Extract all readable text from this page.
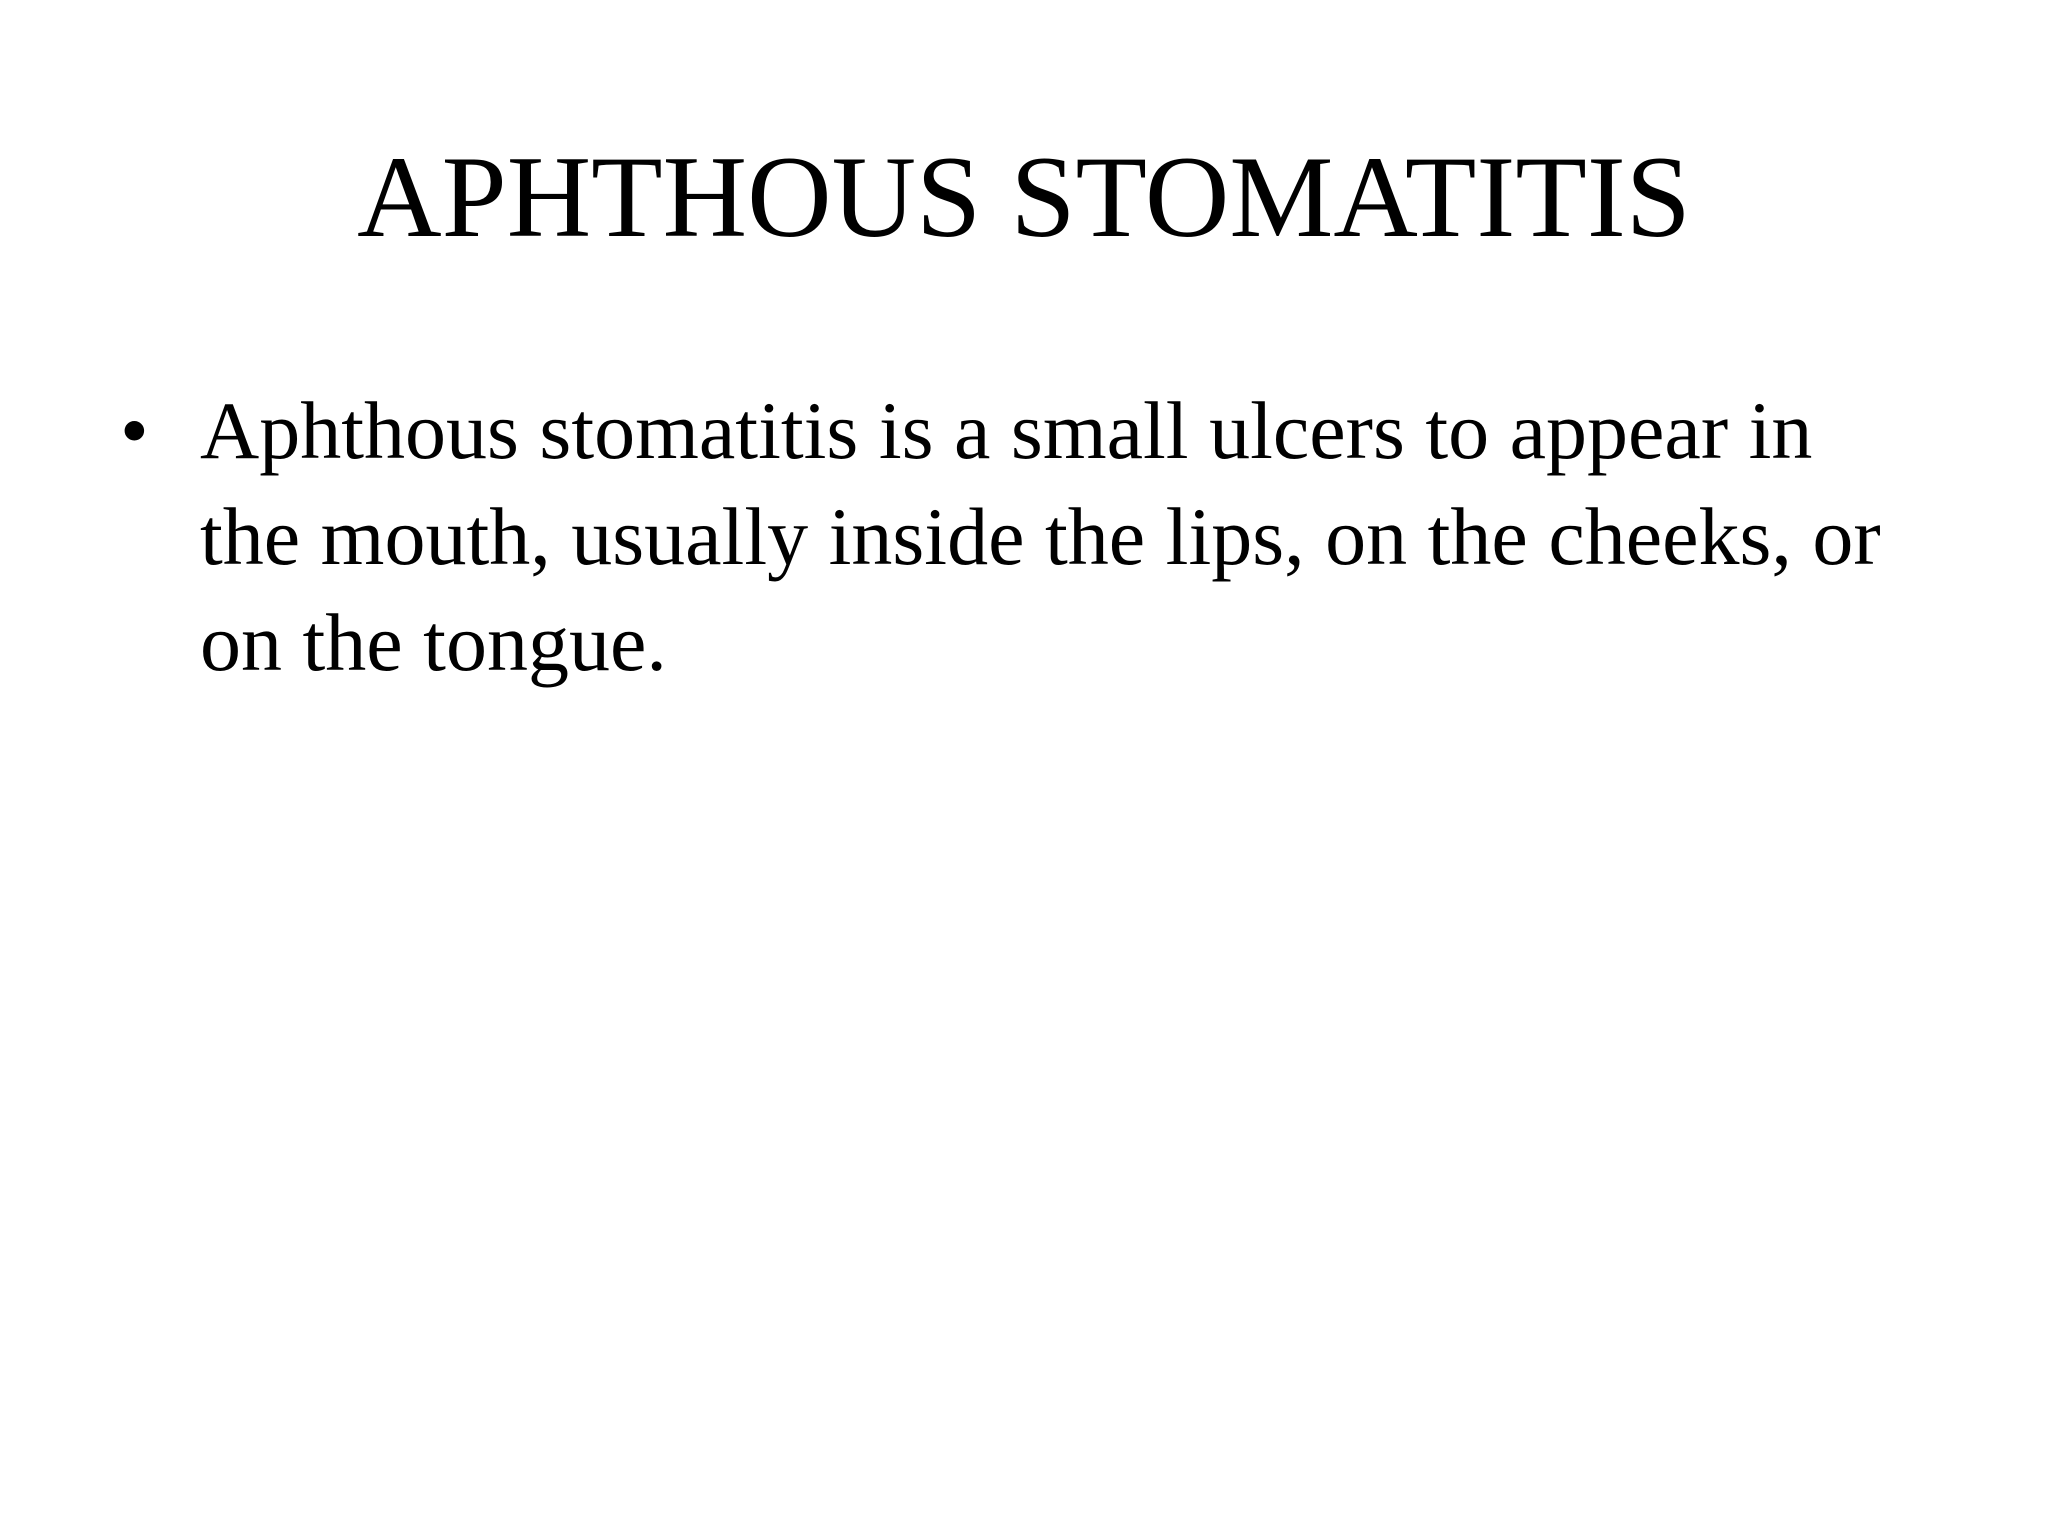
APHTHOUS STOMATITIS
• Aphthous stomatitis is a small ulcers to appear in the mouth, usually inside the lips, on the cheeks, or on the tongue.
